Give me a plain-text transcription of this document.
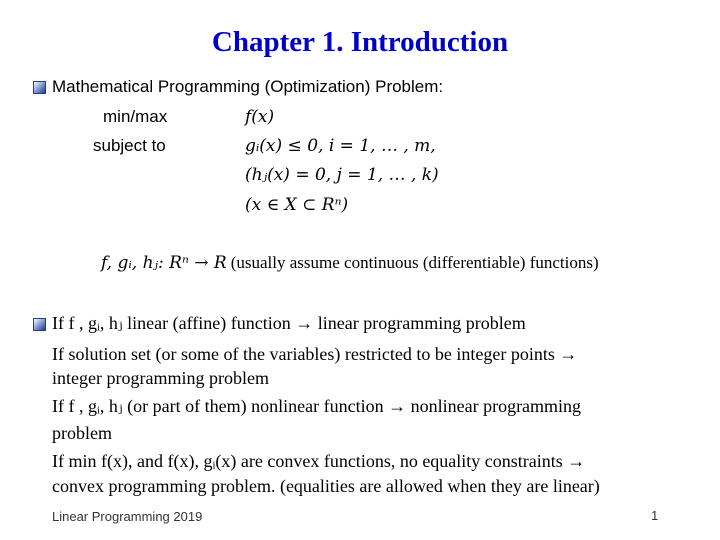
Chapter 1. Introduction
Mathematical Programming (Optimization) Problem:
min/max	f(x)
subject to	gᵢ(x) ≤ 0, i = 1, … , m,
(hⱼ(x) = 0, j = 1, … , k)
(x ∈ X ⊂ Rⁿ)
f, gᵢ, hⱼ: Rⁿ → R (usually assume continuous (differentiable) functions)
If f , gᵢ, hⱼ linear (affine) function → linear programming problem
If solution set (or some of the variables) restricted to be integer points →
integer programming problem
If f , gᵢ, hⱼ (or part of them) nonlinear function → nonlinear programming
problem
If min f(x), and f(x), gᵢ(x) are convex functions, no equality constraints →
convex programming problem. (equalities are allowed when they are linear)
Linear Programming 2019	1
